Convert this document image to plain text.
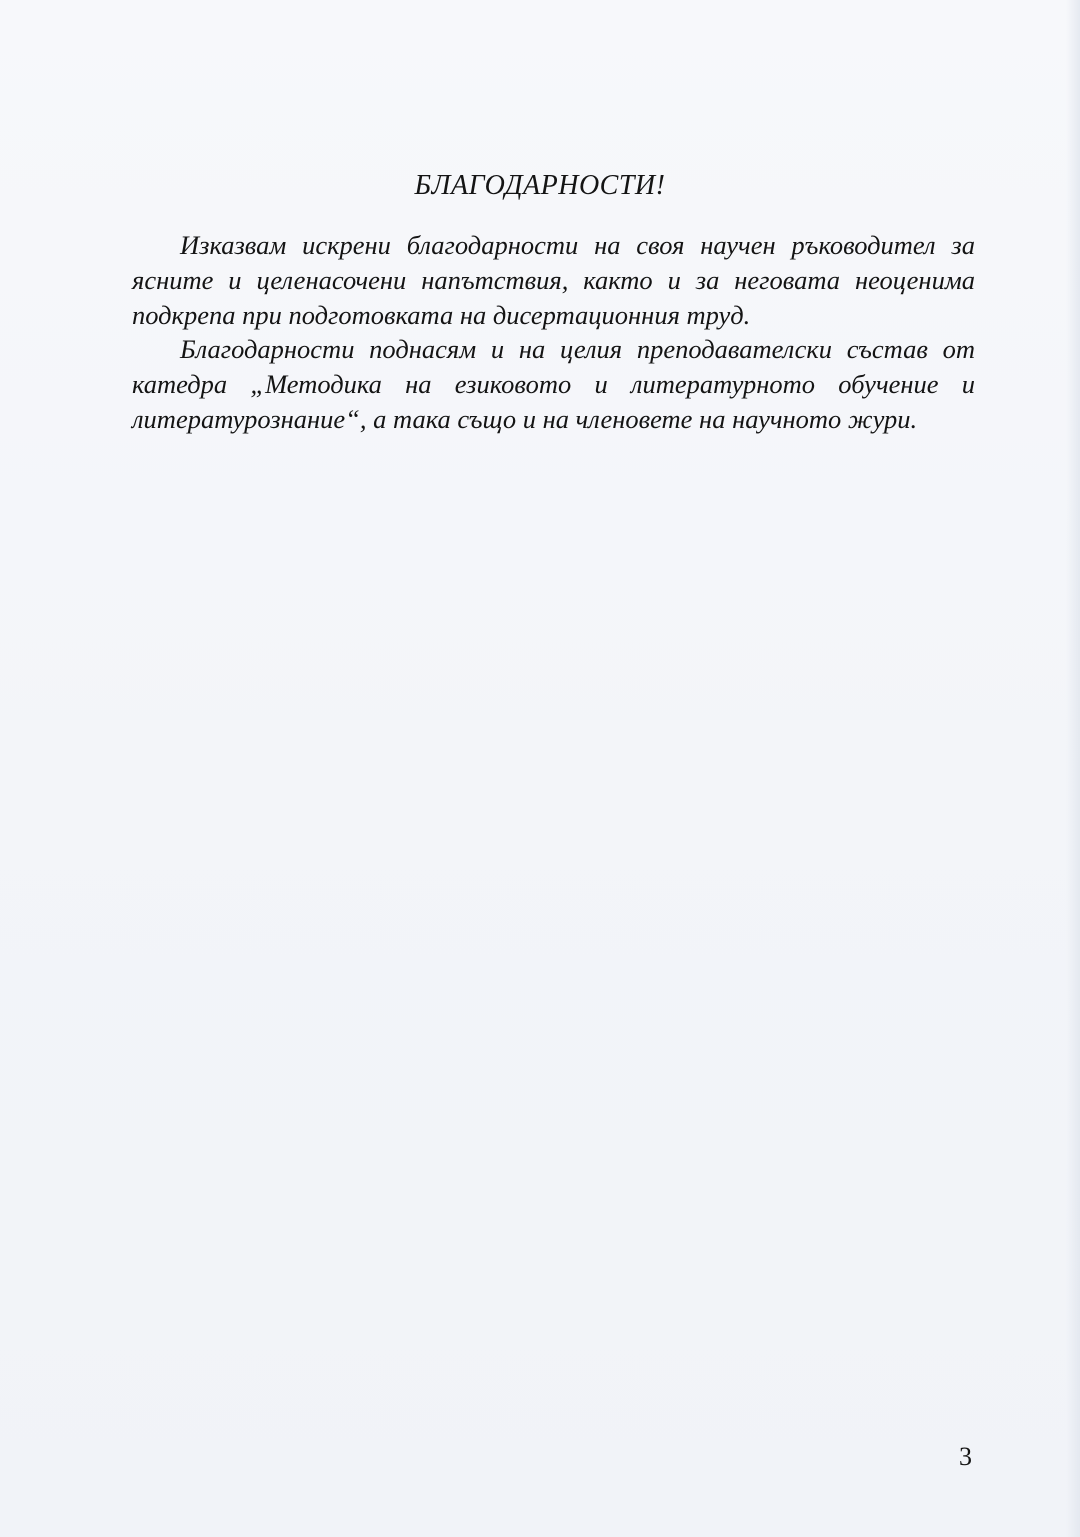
БЛАГОДАРНОСТИ!

Изказвам искрени благодарности на своя научен ръководител за ясните и целенасочени напътствия, както и за неговата неоценима подкрепа при подготовката на дисертационния труд.

Благодарности поднасям и на целия преподавателски състав от катедра „Методика на езиковото и литературното обучение и литературознание“, а така също и на членовете на научното жури.

3
